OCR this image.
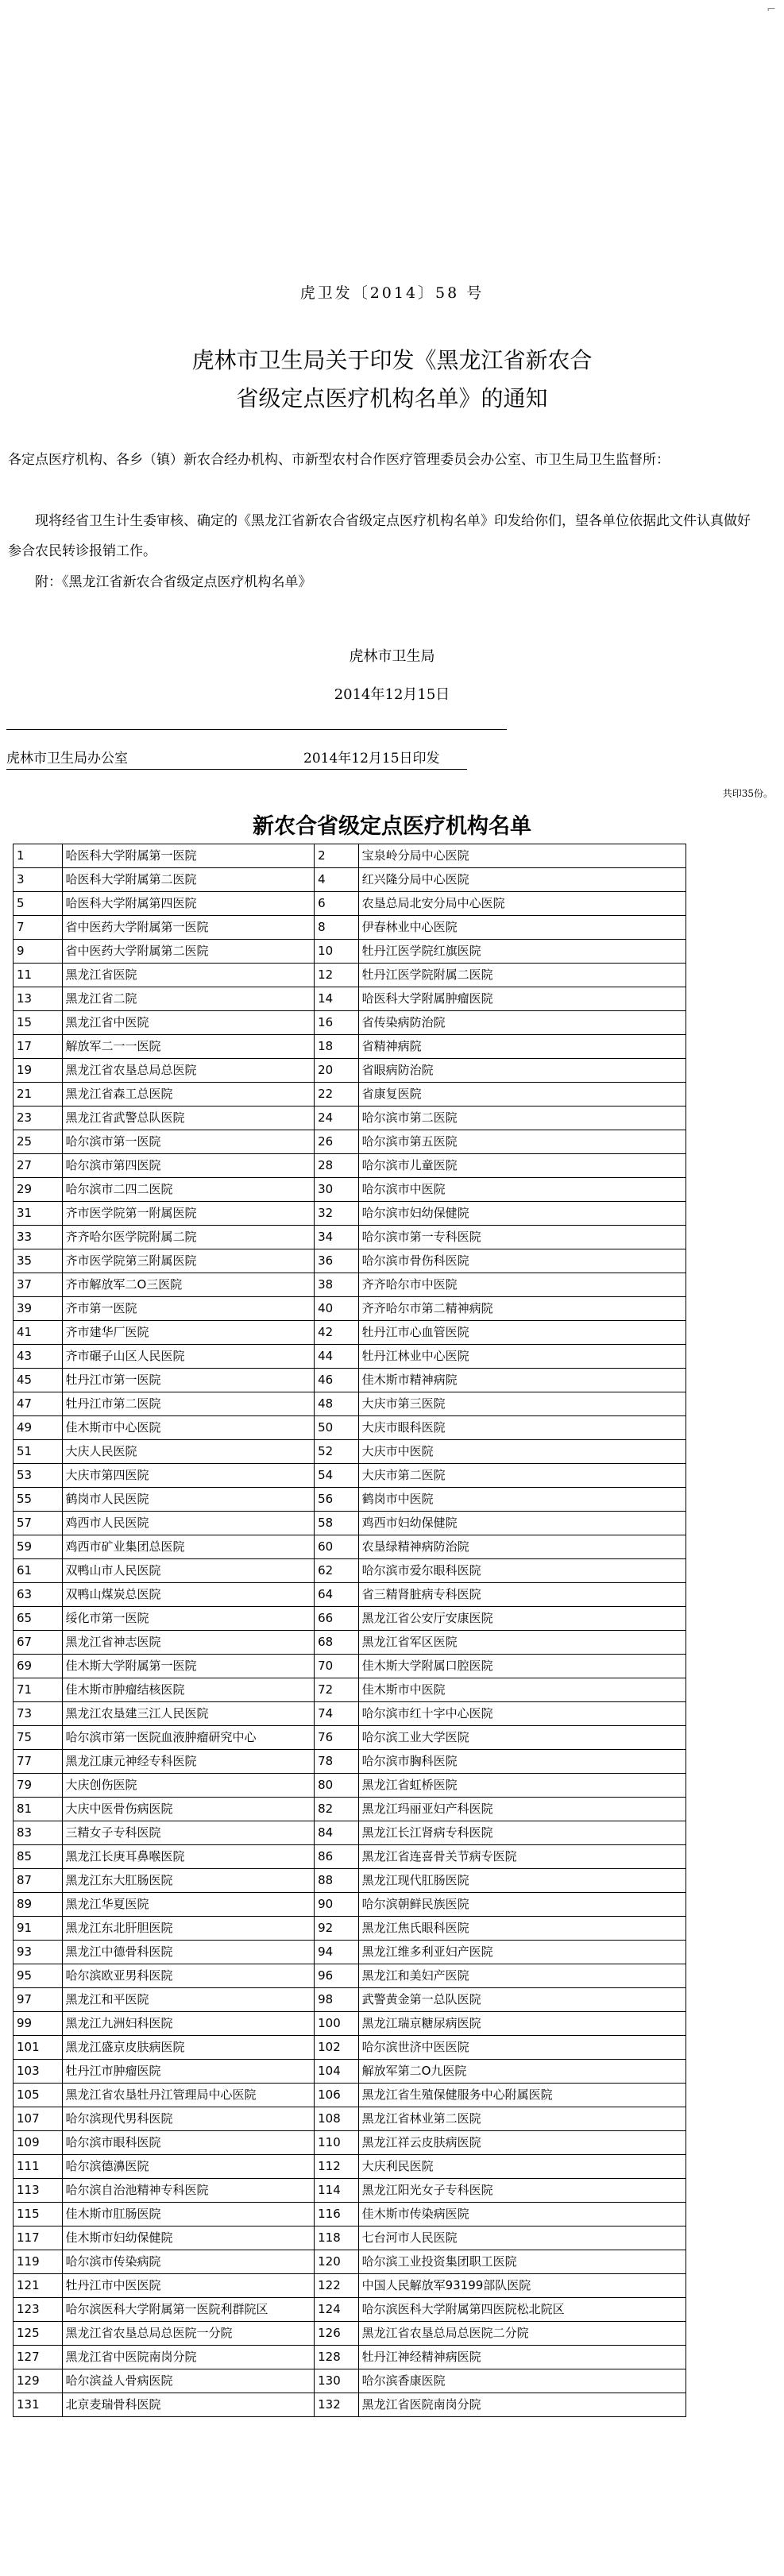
⌐
虎卫发〔2014〕58 号
虎林市卫生局关于印发《黑龙江省新农合
省级定点医疗机构名单》的通知
各定点医疗机构、各乡（镇）新农合经办机构、市新型农村合作医疗管理委员会办公室、市卫生局卫生监督所：
现将经省卫生计生委审核、确定的《黑龙江省新农合省级定点医疗机构名单》印发给你们，望各单位依据此文件认真做好参合农民转诊报销工作。
附：《黑龙江省新农合省级定点医疗机构名单》
虎林市卫生局
2014年12月15日
虎林市卫生局办公室	2014年12月15日印发
共印35份。
新农合省级定点医疗机构名单
1	哈医科大学附属第一医院	2	宝泉岭分局中心医院
3	哈医科大学附属第二医院	4	红兴隆分局中心医院
5	哈医科大学附属第四医院	6	农垦总局北安分局中心医院
7	省中医药大学附属第一医院	8	伊春林业中心医院
9	省中医药大学附属第二医院	10	牡丹江医学院红旗医院
11	黑龙江省医院	12	牡丹江医学院附属二医院
13	黑龙江省二院	14	哈医科大学附属肿瘤医院
15	黑龙江省中医院	16	省传染病防治院
17	解放军二一一医院	18	省精神病院
19	黑龙江省农垦总局总医院	20	省眼病防治院
21	黑龙江省森工总医院	22	省康复医院
23	黑龙江省武警总队医院	24	哈尔滨市第二医院
25	哈尔滨市第一医院	26	哈尔滨市第五医院
27	哈尔滨市第四医院	28	哈尔滨市儿童医院
29	哈尔滨市二四二医院	30	哈尔滨市中医院
31	齐市医学院第一附属医院	32	哈尔滨市妇幼保健院
33	齐齐哈尔医学院附属二院	34	哈尔滨市第一专科医院
35	齐市医学院第三附属医院	36	哈尔滨市骨伤科医院
37	齐市解放军二O三医院	38	齐齐哈尔市中医院
39	齐市第一医院	40	齐齐哈尔市第二精神病院
41	齐市建华厂医院	42	牡丹江市心血管医院
43	齐市碾子山区人民医院	44	牡丹江林业中心医院
45	牡丹江市第一医院	46	佳木斯市精神病院
47	牡丹江市第二医院	48	大庆市第三医院
49	佳木斯市中心医院	50	大庆市眼科医院
51	大庆人民医院	52	大庆市中医院
53	大庆市第四医院	54	大庆市第二医院
55	鹤岗市人民医院	56	鹤岗市中医院
57	鸡西市人民医院	58	鸡西市妇幼保健院
59	鸡西市矿业集团总医院	60	农垦绿精神病防治院
61	双鸭山市人民医院	62	哈尔滨市爱尔眼科医院
63	双鸭山煤炭总医院	64	省三精肾脏病专科医院
65	绥化市第一医院	66	黑龙江省公安厅安康医院
67	黑龙江省神志医院	68	黑龙江省军区医院
69	佳木斯大学附属第一医院	70	佳木斯大学附属口腔医院
71	佳木斯市肿瘤结核医院	72	佳木斯市中医院
73	黑龙江农垦建三江人民医院	74	哈尔滨市红十字中心医院
75	哈尔滨市第一医院血液肿瘤研究中心	76	哈尔滨工业大学医院
77	黑龙江康元神经专科医院	78	哈尔滨市胸科医院
79	大庆创伤医院	80	黑龙江省虹桥医院
81	大庆中医骨伤病医院	82	黑龙江玛丽亚妇产科医院
83	三精女子专科医院	84	黑龙江长江肾病专科医院
85	黑龙江长庚耳鼻喉医院	86	黑龙江省连喜骨关节病专医院
87	黑龙江东大肛肠医院	88	黑龙江现代肛肠医院
89	黑龙江华夏医院	90	哈尔滨朝鲜民族医院
91	黑龙江东北肝胆医院	92	黑龙江焦氏眼科医院
93	黑龙江中德骨科医院	94	黑龙江维多利亚妇产医院
95	哈尔滨欧亚男科医院	96	黑龙江和美妇产医院
97	黑龙江和平医院	98	武警黄金第一总队医院
99	黑龙江九洲妇科医院	100	黑龙江瑞京糖尿病医院
101	黑龙江盛京皮肤病医院	102	哈尔滨世济中医医院
103	牡丹江市肿瘤医院	104	解放军第二O九医院
105	黑龙江省农垦牡丹江管理局中心医院	106	黑龙江省生殖保健服务中心附属医院
107	哈尔滨现代男科医院	108	黑龙江省林业第二医院
109	哈尔滨市眼科医院	110	黑龙江祥云皮肤病医院
111	哈尔滨德濞医院	112	大庆利民医院
113	哈尔滨自治池精神专科医院	114	黑龙江阳光女子专科医院
115	佳木斯市肛肠医院	116	佳木斯市传染病医院
117	佳木斯市妇幼保健院	118	七台河市人民医院
119	哈尔滨市传染病院	120	哈尔滨工业投资集团职工医院
121	牡丹江市中医医院	122	中国人民解放军93199部队医院
123	哈尔滨医科大学附属第一医院利群院区	124	哈尔滨医科大学附属第四医院松北院区
125	黑龙江省农垦总局总医院一分院	126	黑龙江省农垦总局总医院二分院
127	黑龙江省中医院南岗分院	128	牡丹江神经精神病医院
129	哈尔滨益人骨病医院	130	哈尔滨香康医院
131	北京麦瑞骨科医院	132	黑龙江省医院南岗分院
